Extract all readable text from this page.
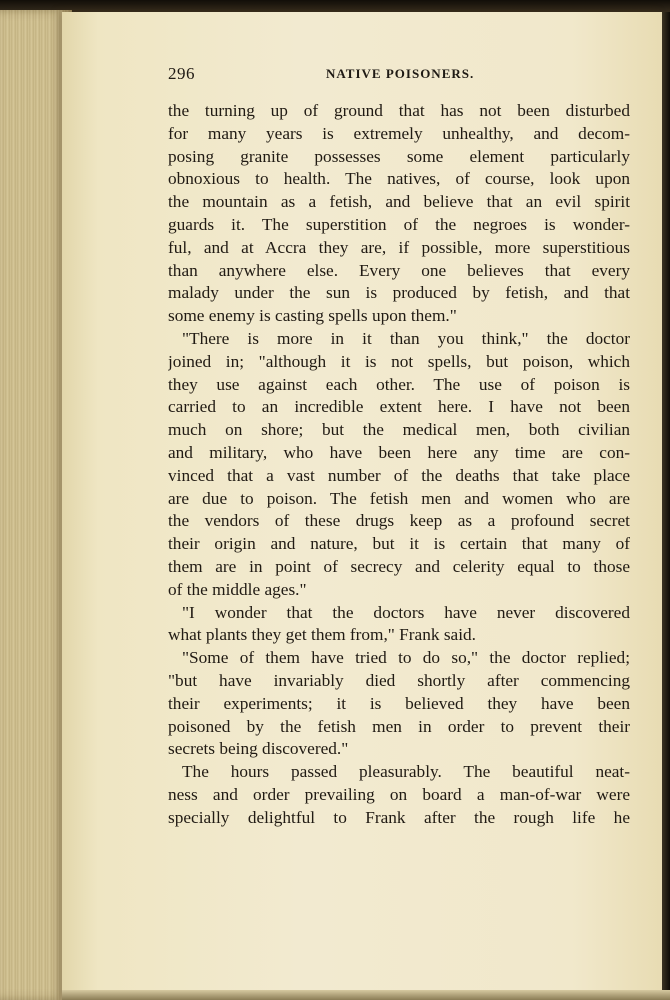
296	NATIVE POISONERS.
the turning up of ground that has not been disturbed
for many years is extremely unhealthy, and decom-
posing granite possesses some element particularly
obnoxious to health. The natives, of course, look upon
the mountain as a fetish, and believe that an evil spirit
guards it. The superstition of the negroes is wonder-
ful, and at Accra they are, if possible, more superstitious
than anywhere else. Every one believes that every
malady under the sun is produced by fetish, and that
some enemy is casting spells upon them."
"There is more in it than you think," the doctor
joined in; "although it is not spells, but poison, which
they use against each other. The use of poison is
carried to an incredible extent here. I have not been
much on shore; but the medical men, both civilian
and military, who have been here any time are con-
vinced that a vast number of the deaths that take place
are due to poison. The fetish men and women who are
the vendors of these drugs keep as a profound secret
their origin and nature, but it is certain that many of
them are in point of secrecy and celerity equal to those
of the middle ages."
"I wonder that the doctors have never discovered
what plants they get them from," Frank said.
"Some of them have tried to do so," the doctor replied;
"but have invariably died shortly after commencing
their experiments; it is believed they have been
poisoned by the fetish men in order to prevent their
secrets being discovered."
The hours passed pleasurably. The beautiful neat-
ness and order prevailing on board a man-of-war were
specially delightful to Frank after the rough life he
